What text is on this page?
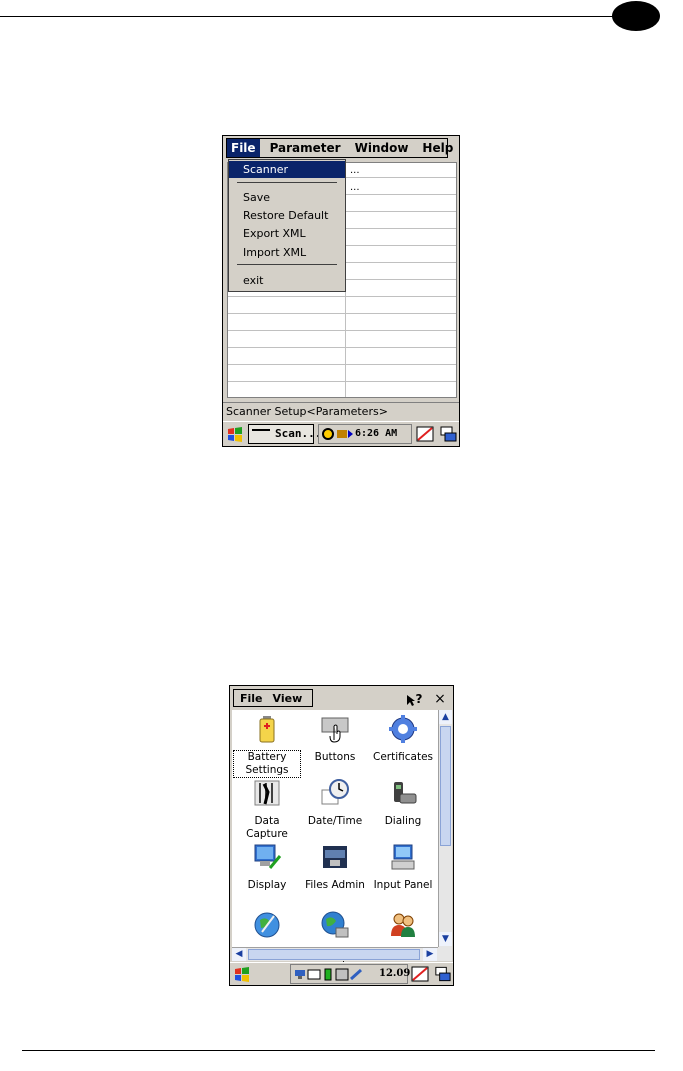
File	Parameter	Window	Help
...
...
Scanner
Save
Restore Default
Export XML
Import XML
exit
Scanner Setup<Parameters>
Scan...	6:26 AM
File View	? ×
Battery Settings
Buttons	Certificates
Data Capture
Date/Time	Dialing
Display	Files Admin Input Panel

▲
▼
◀	▶
12.09
